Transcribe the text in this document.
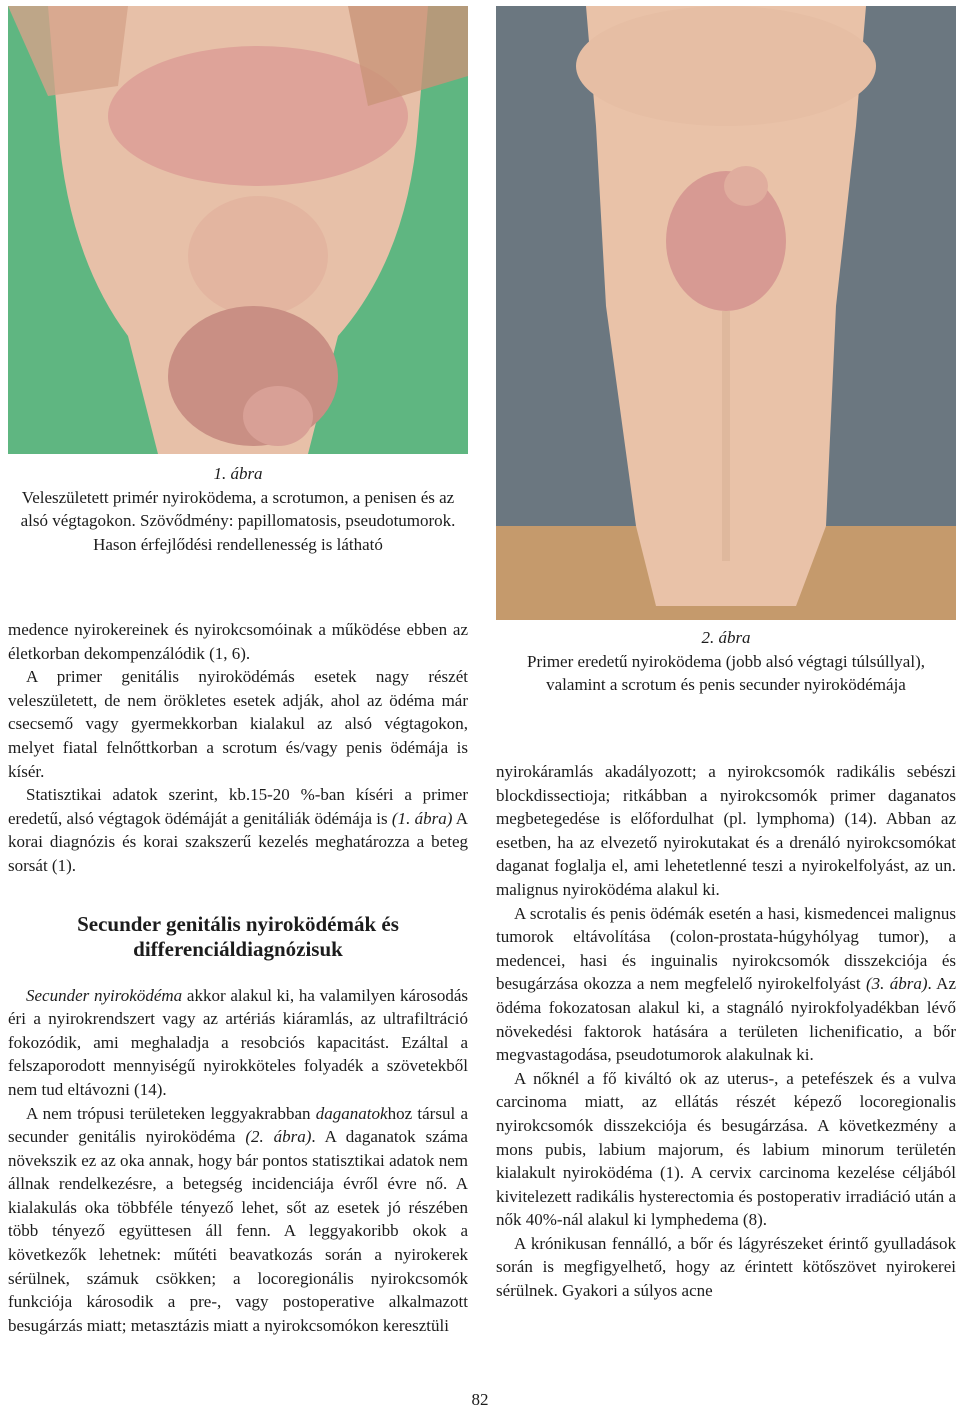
1. ábra
Veleszületett primér nyiroködema, a scrotumon, a penisen és az alsó végtagokon. Szövődmény: papillomatosis, pseudotumorok. Hason érfejlődési rendellenesség is látható
2. ábra
Primer eredetű nyiroködema (jobb alsó végtagi túlsúllyal), valamint a scrotum és penis secunder nyiroködémája

medence nyirokereinek és nyirokcsomóinak a működése ebben az életkorban dekompenzálódik (1, 6).

A primer genitális nyiroködémás esetek nagy részét veleszületett, de nem örökletes esetek adják, ahol az ödéma már csecsemő vagy gyermekkorban kialakul az alsó végtagokon, melyet fiatal felnőttkorban a scrotum és/vagy penis ödémája is kísér.

Statisztikai adatok szerint, kb.15-20 %-ban kíséri a primer eredetű, alsó végtagok ödémáját a genitáliák ödémája is (1. ábra) A korai diagnózis és korai szakszerű kezelés meghatározza a beteg sorsát (1).

Secunder genitális nyiroködémák és differenciáldiagnózisuk

Secunder nyiroködéma akkor alakul ki, ha valamilyen károsodás éri a nyirokrendszert vagy az artériás kiáramlás, az ultrafiltráció fokozódik, ami meghaladja a resobciós kapacitást. Ezáltal a felszaporodott mennyiségű nyirokköteles folyadék a szövetekből nem tud eltávozni (14).

A nem trópusi területeken leggyakrabban daganatokhoz társul a secunder genitális nyiroködéma (2. ábra). A daganatok száma növekszik ez az oka annak, hogy bár pontos statisztikai adatok nem állnak rendelkezésre, a betegség incidenciája évről évre nő. A kialakulás oka többféle tényező lehet, sőt az esetek jó részében több tényező együttesen áll fenn. A leggyakoribb okok a következők lehetnek: műtéti beavatkozás során a nyirokerek sérülnek, számuk csökken; a locoregionális nyirokcsomók funkciója károsodik a pre-, vagy postoperative alkalmazott besugárzás miatt; metasztázis miatt a nyirokcsomókon keresztüli

nyirokáramlás akadályozott; a nyirokcsomók radikális sebészi blockdissectioja; ritkábban a nyirokcsomók primer daganatos megbetegedése is előfordulhat (pl. lymphoma) (14). Abban az esetben, ha az elvezető nyirokutakat és a drenáló nyirokcsomókat daganat foglalja el, ami lehetetlenné teszi a nyirokelfolyást, az un. malignus nyiroködéma alakul ki.

A scrotalis és penis ödémák esetén a hasi, kismedencei malignus tumorok eltávolítása (colon-prostata-húgyhólyag tumor), a medencei, hasi és inguinalis nyirokcsomók disszekciója és besugárzása okozza a nem megfelelő nyirokelfolyást (3. ábra). Az ödéma fokozatosan alakul ki, a stagnáló nyirokfolyadékban lévő növekedési faktorok hatására a területen lichenificatio, a bőr megvastagodása, pseudotumorok alakulnak ki.

A nőknél a fő kiváltó ok az uterus-, a petefészek és a vulva carcinoma miatt, az ellátás részét képező locoregionalis nyirokcsomók disszekciója és besugárzása. A következmény a mons pubis, labium majorum, és labium minorum területén kialakult nyiroködéma (1). A cervix carcinoma kezelése céljából kivitelezett radikális hysterectomia és postoperativ irradiáció után a nők 40%-nál alakul ki lymphedema (8).

A krónikusan fennálló, a bőr és lágyrészeket érintő gyulladások során is megfigyelhető, hogy az érintett kötőszövet nyirokerei sérülnek. Gyakori a súlyos acne

82
